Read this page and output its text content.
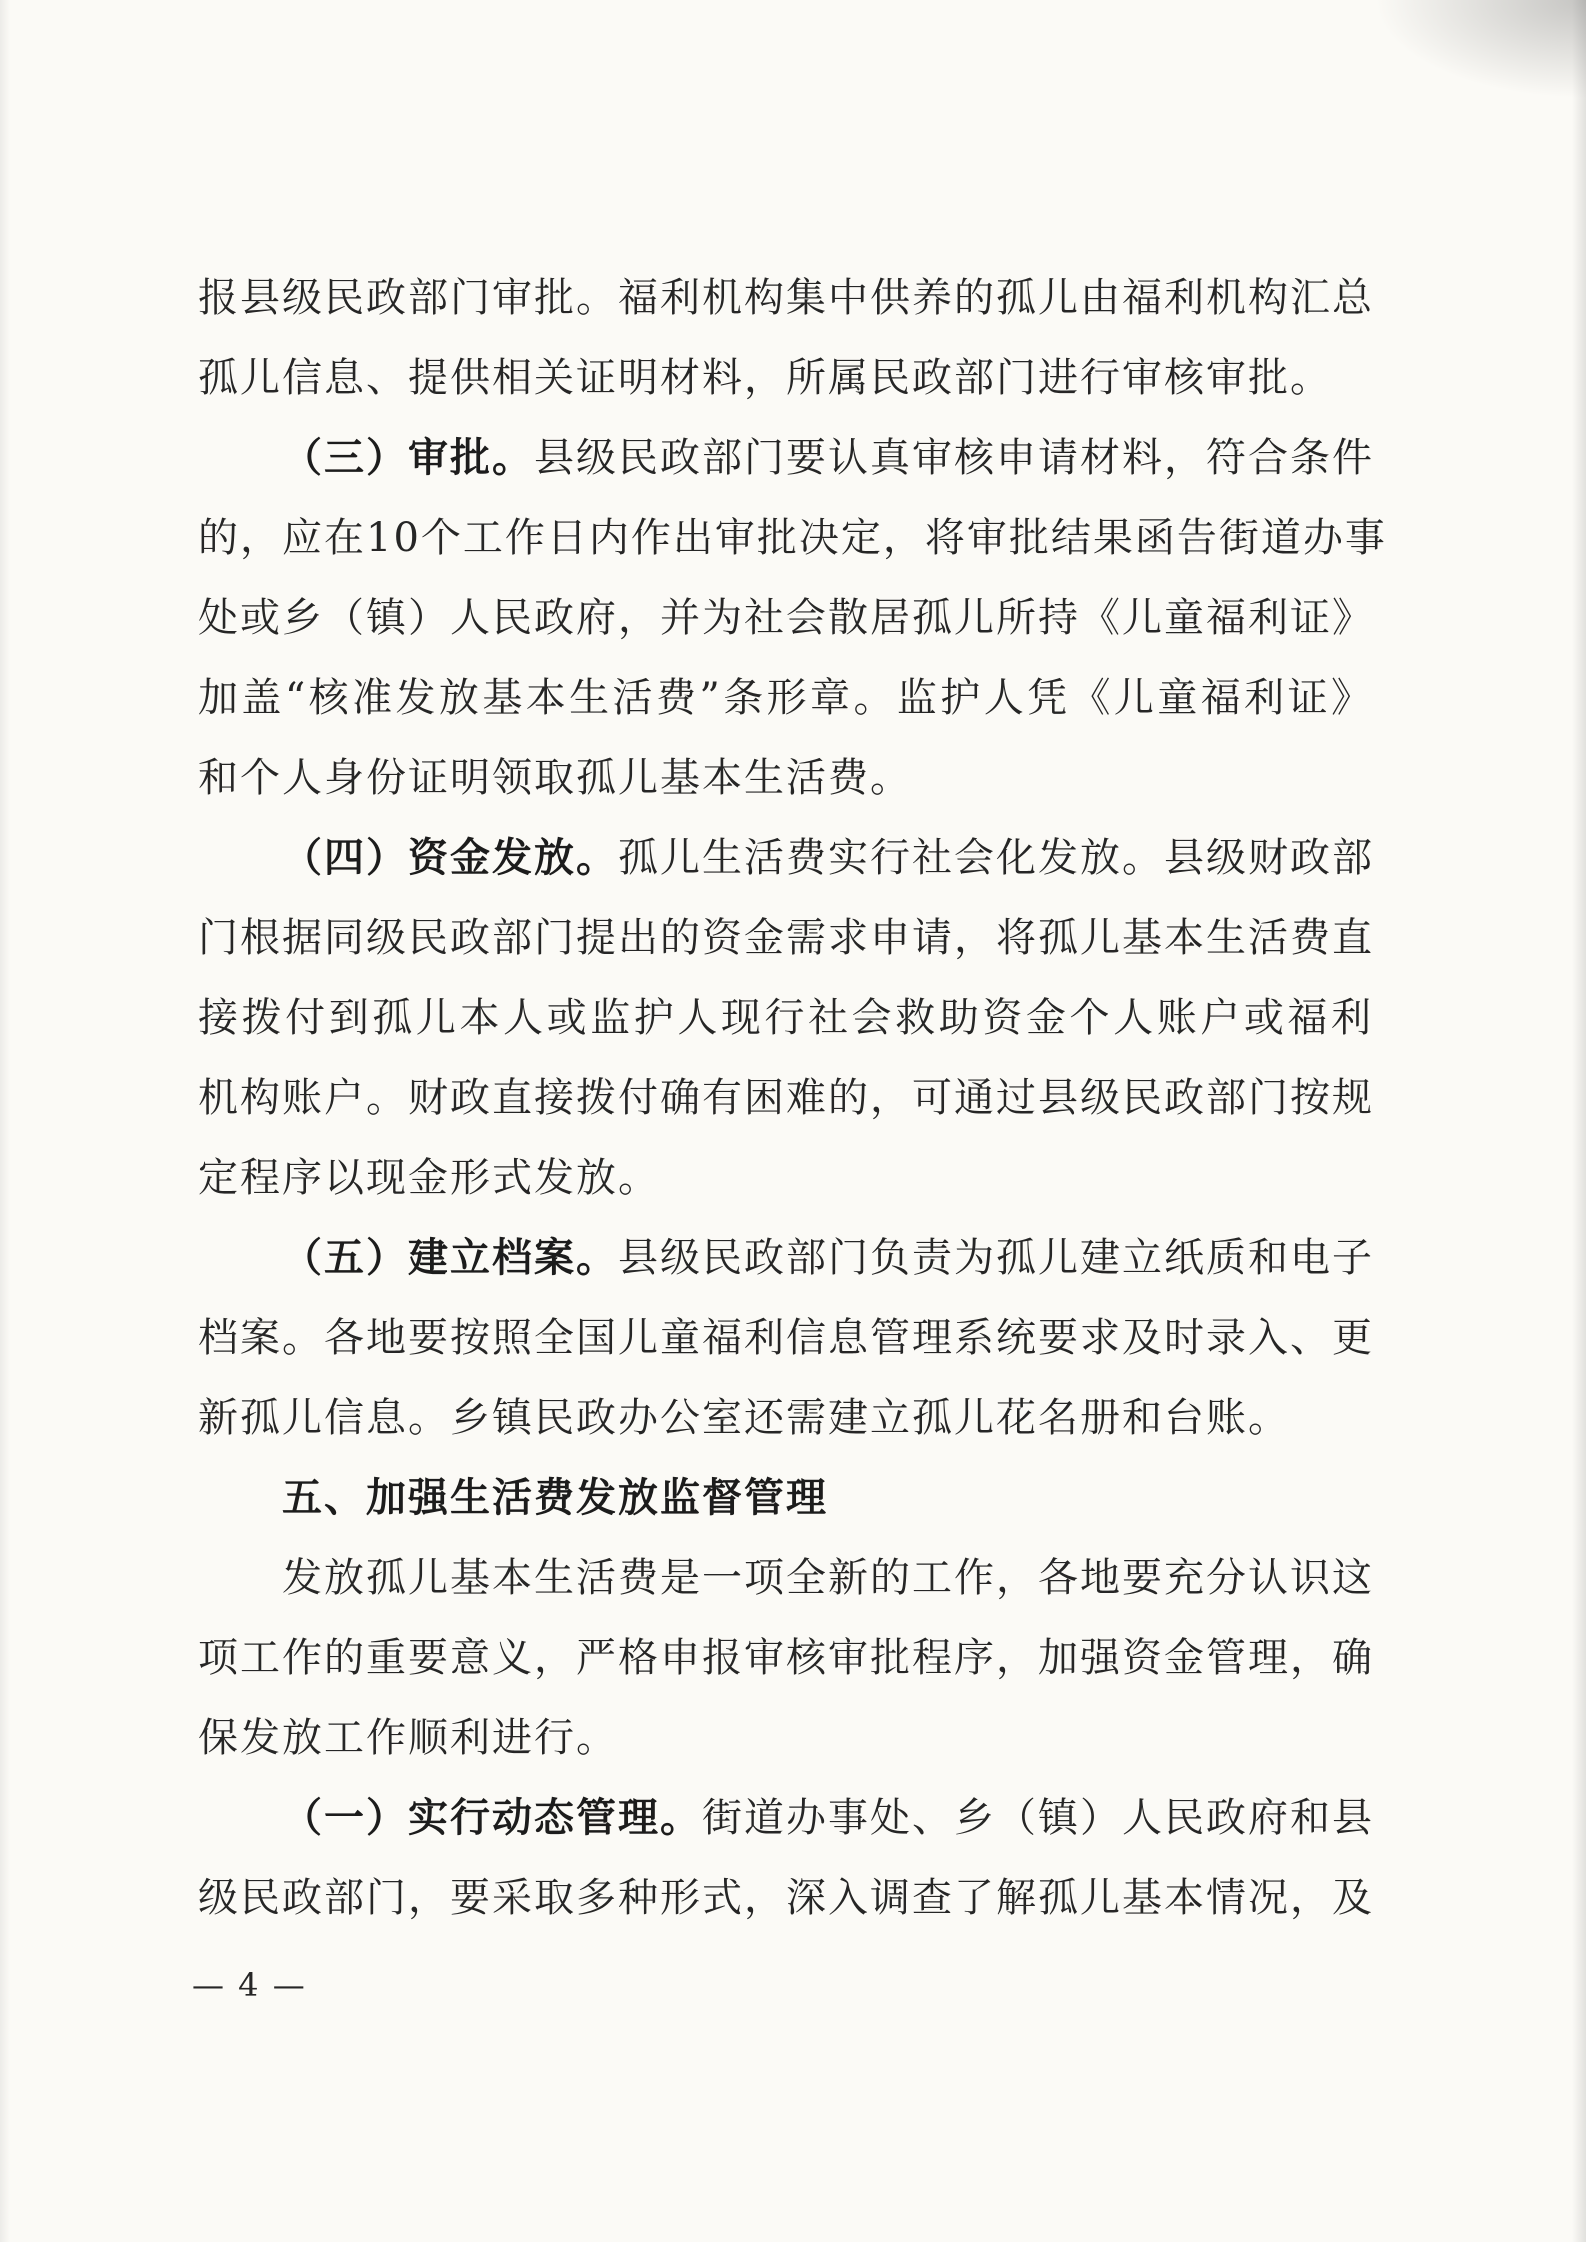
报县级民政部门审批。福利机构集中供养的孤儿由福利机构汇总
孤儿信息、提供相关证明材料，所属民政部门进行审核审批。
（三）审批。县级民政部门要认真审核申请材料，符合条件
的，应在10个工作日内作出审批决定，将审批结果函告街道办事
处或乡（镇）人民政府，并为社会散居孤儿所持《儿童福利证》
加盖“核准发放基本生活费”条形章。监护人凭《儿童福利证》
和个人身份证明领取孤儿基本生活费。
（四）资金发放。孤儿生活费实行社会化发放。县级财政部
门根据同级民政部门提出的资金需求申请，将孤儿基本生活费直
接拨付到孤儿本人或监护人现行社会救助资金个人账户或福利
机构账户。财政直接拨付确有困难的，可通过县级民政部门按规
定程序以现金形式发放。
（五）建立档案。县级民政部门负责为孤儿建立纸质和电子
档案。各地要按照全国儿童福利信息管理系统要求及时录入、更
新孤儿信息。乡镇民政办公室还需建立孤儿花名册和台账。
五、加强生活费发放监督管理
发放孤儿基本生活费是一项全新的工作，各地要充分认识这
项工作的重要意义，严格申报审核审批程序，加强资金管理，确
保发放工作顺利进行。
（一）实行动态管理。街道办事处、乡（镇）人民政府和县
级民政部门，要采取多种形式，深入调查了解孤儿基本情况，及
— 4 —
